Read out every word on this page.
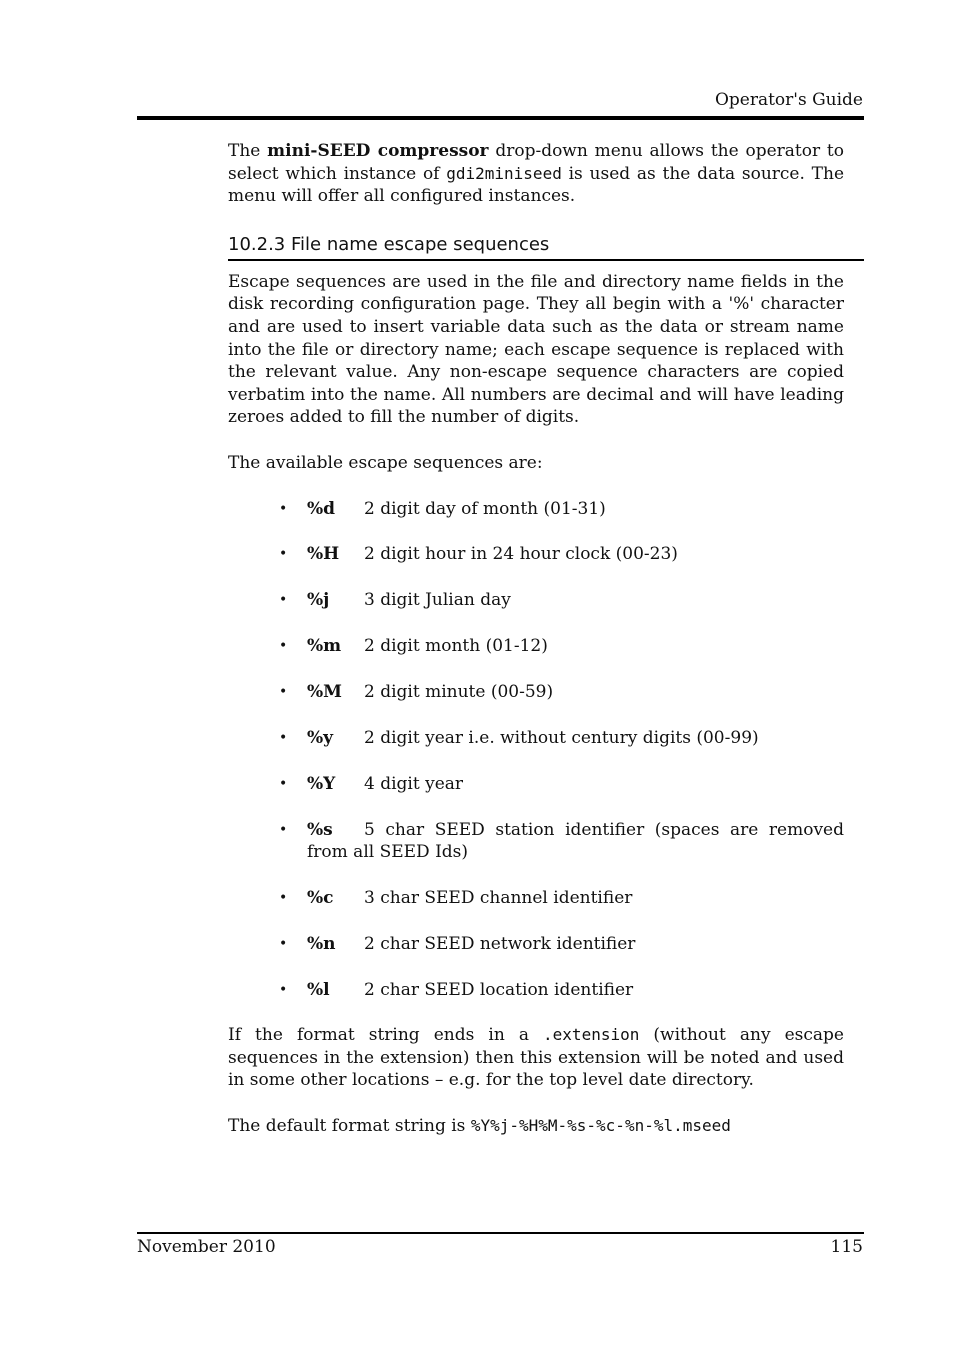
Operator's Guide

The mini-SEED compressor drop-down menu allows the operator to select which instance of gdi2miniseed is used as the data source. The menu will offer all configured instances.

10.2.3 File name escape sequences

Escape sequences are used in the file and directory name fields in the disk recording configuration page. They all begin with a '%' character and are used to insert variable data such as the data or stream name into the file or directory name; each escape sequence is replaced with the relevant value. Any non-escape sequence characters are copied verbatim into the name. All numbers are decimal and will have leading zeroes added to fill the number of digits.

The available escape sequences are:

• %d 2 digit day of month (01-31)
• %H 2 digit hour in 24 hour clock (00-23)
• %j 3 digit Julian day
• %m 2 digit month (01-12)
• %M 2 digit minute (00-59)
• %y 2 digit year i.e. without century digits (00-99)
• %Y 4 digit year
• %s 5 char SEED station identifier (spaces are removed from all SEED Ids)
• %c 3 char SEED channel identifier
• %n 2 char SEED network identifier
• %l 2 char SEED location identifier

If the format string ends in a .extension (without any escape sequences in the extension) then this extension will be noted and used in some other locations – e.g. for the top level date directory.

The default format string is %Y%j-%H%M-%s-%c-%n-%l.mseed

November 2010	115
